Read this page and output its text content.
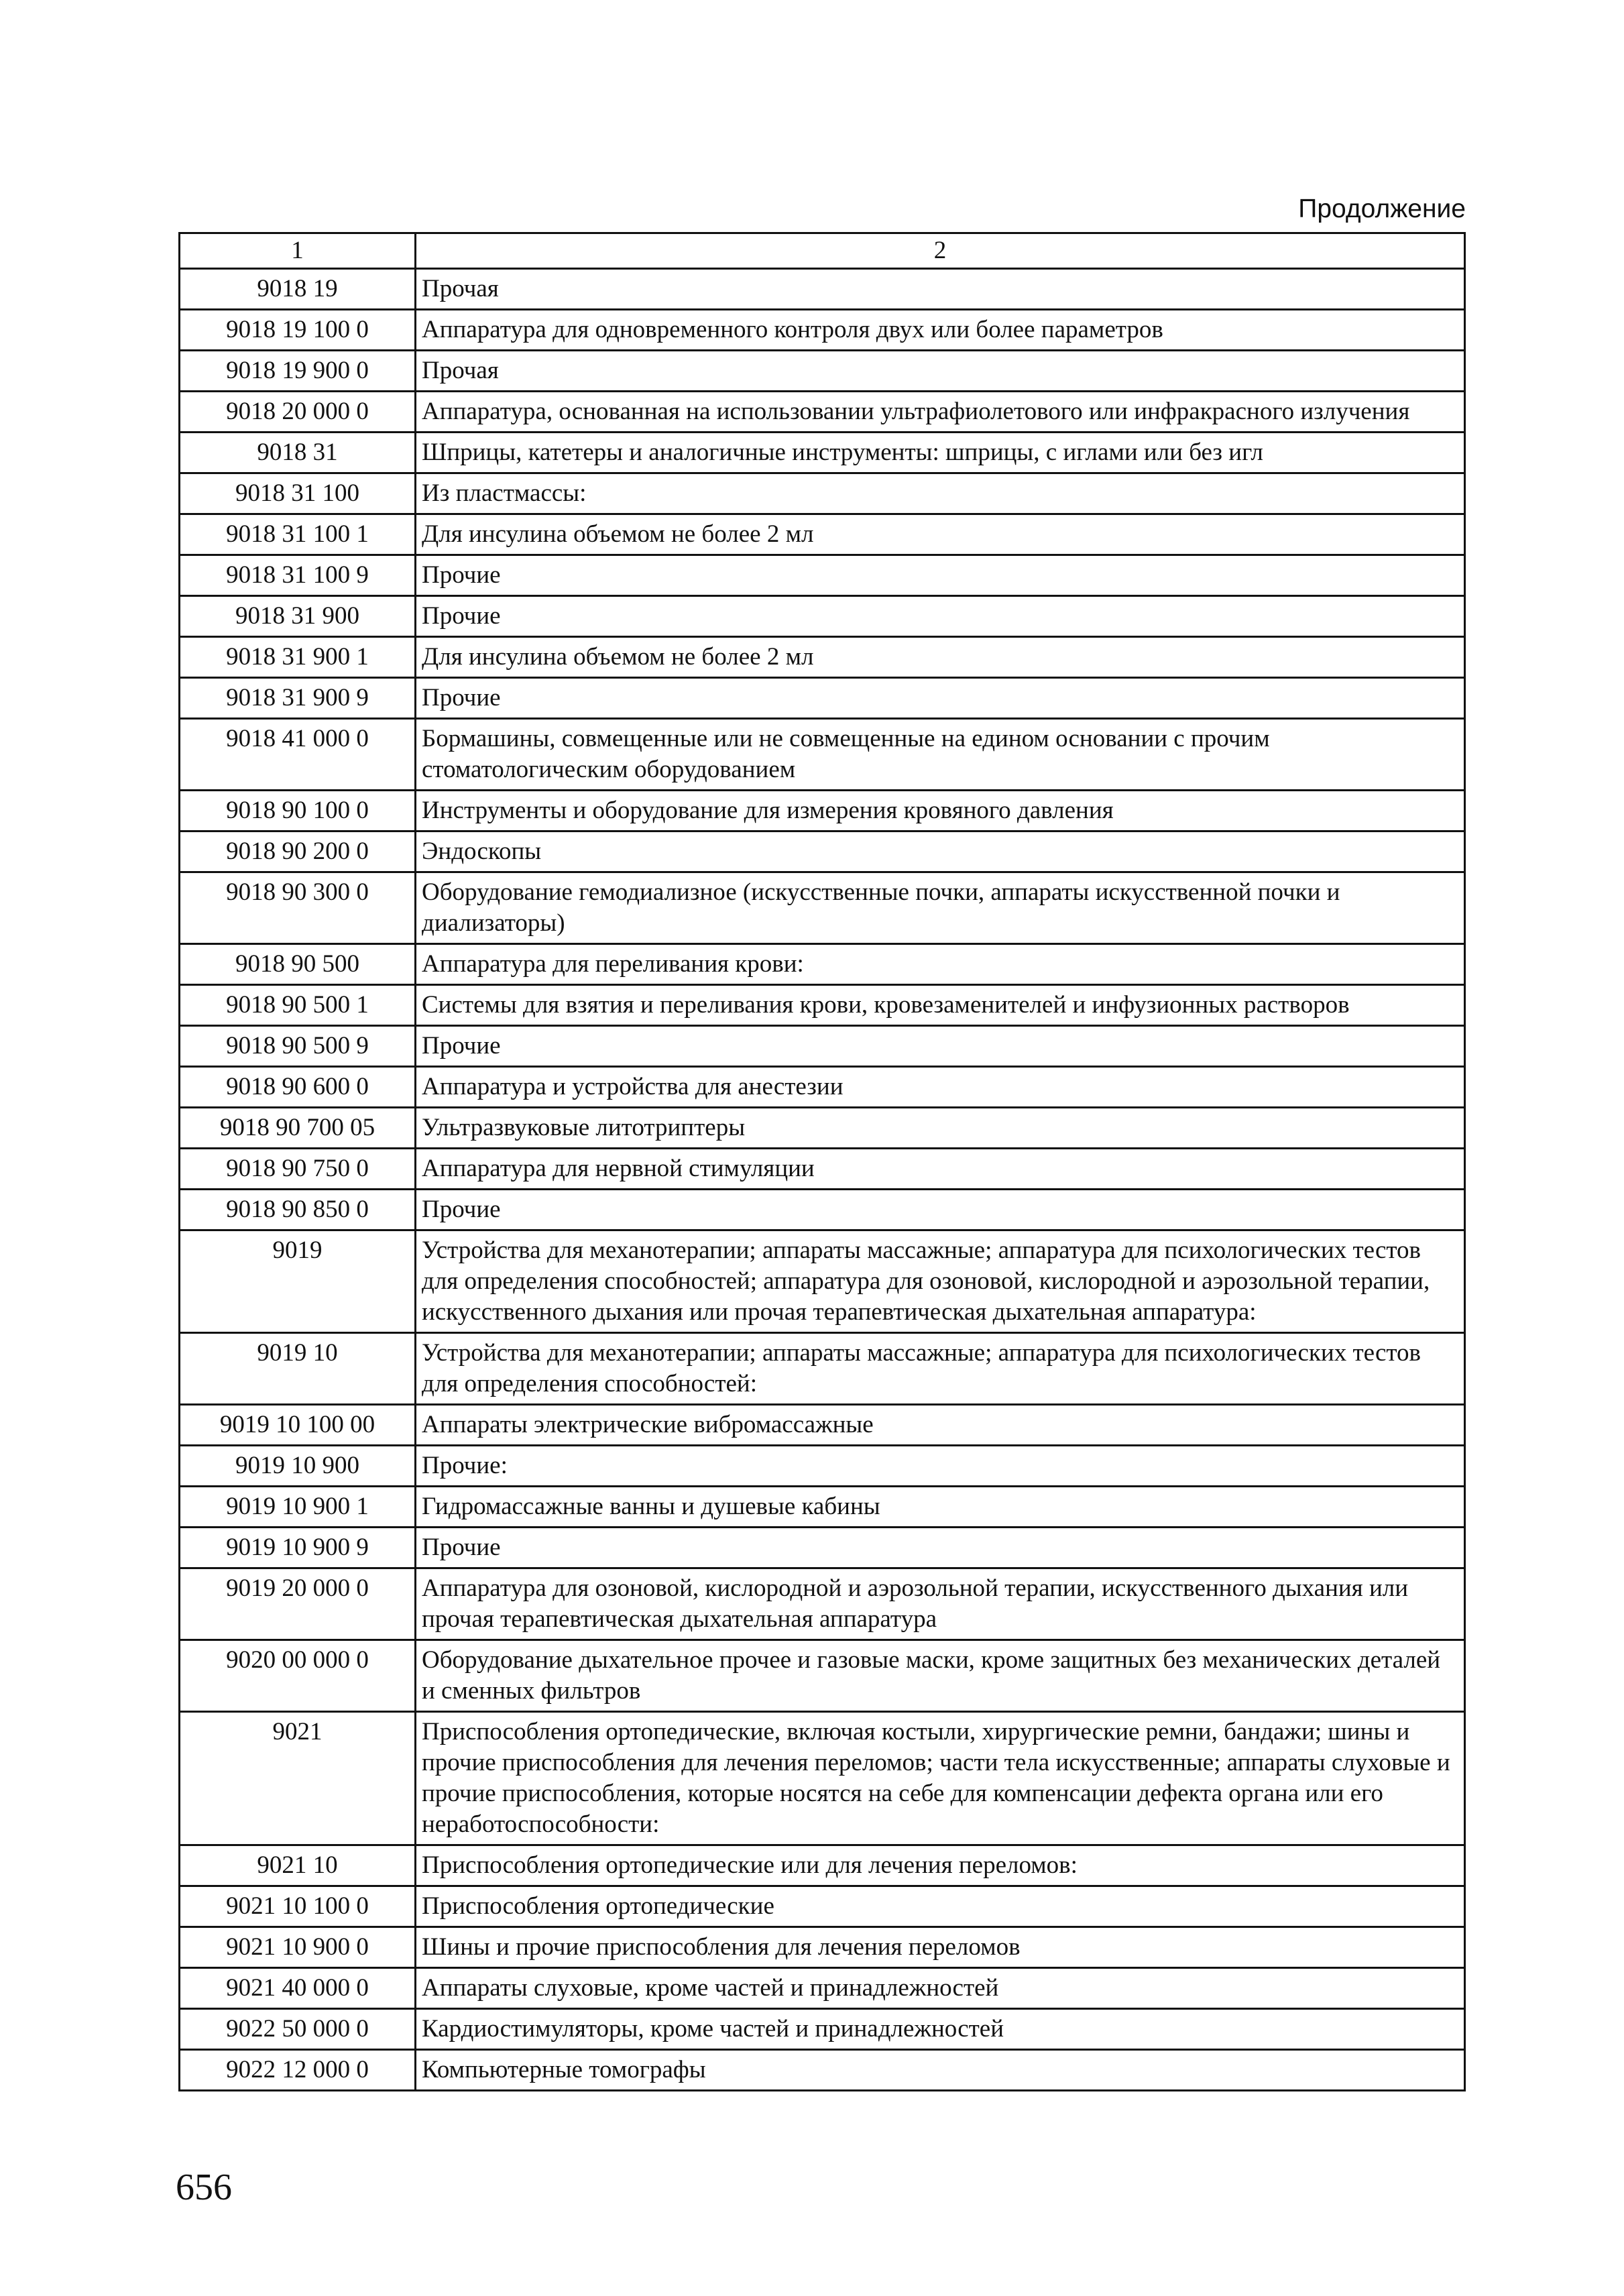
Продолжение
1	2
9018 19	Прочая
9018 19 100 0	Аппаратура для одновременного контроля двух или более параметров
9018 19 900 0	Прочая
9018 20 000 0	Аппаратура, основанная на использовании ультрафиолетового или инфракрасного излучения
9018 31	Шприцы, катетеры и аналогичные инструменты: шприцы, с иглами или без игл
9018 31 100	Из пластмассы:
9018 31 100 1	Для инсулина объемом не более 2 мл
9018 31 100 9	Прочие
9018 31 900	Прочие
9018 31 900 1	Для инсулина объемом не более 2 мл
9018 31 900 9	Прочие
9018 41 000 0	Бормашины, совмещенные или не совмещенные на едином основании с прочим стоматологическим оборудованием
9018 90 100 0	Инструменты и оборудование для измерения кровяного давления
9018 90 200 0	Эндоскопы
9018 90 300 0	Оборудование гемодиализное (искусственные почки, аппараты искусственной почки и диализаторы)
9018 90 500	Аппаратура для переливания крови:
9018 90 500 1	Системы для взятия и переливания крови, кровезаменителей и инфузионных растворов
9018 90 500 9	Прочие
9018 90 600 0	Аппаратура и устройства для анестезии
9018 90 700 05	Ультразвуковые литотриптеры
9018 90 750 0	Аппаратура для нервной стимуляции
9018 90 850 0	Прочие
9019	Устройства для механотерапии; аппараты массажные; аппаратура для психологических тестов для определения способностей; аппаратура для озоновой, кислородной и аэрозольной терапии, искусственного дыхания или прочая терапевтическая дыхательная аппаратура:
9019 10	Устройства для механотерапии; аппараты массажные; аппаратура для психологических тестов для определения способностей:
9019 10 100 00	Аппараты электрические вибромассажные
9019 10 900	Прочие:
9019 10 900 1	Гидромассажные ванны и душевые кабины
9019 10 900 9	Прочие
9019 20 000 0	Аппаратура для озоновой, кислородной и аэрозольной терапии, искусственного дыхания или прочая терапевтическая дыхательная аппаратура
9020 00 000 0	Оборудование дыхательное прочее и газовые маски, кроме защитных без механических деталей и сменных фильтров
9021	Приспособления ортопедические, включая костыли, хирургические ремни, бандажи; шины и прочие приспособления для лечения переломов; части тела искусственные; аппараты слуховые и прочие приспособления, которые носятся на себе для компенсации дефекта органа или его неработоспособности:
9021 10	Приспособления ортопедические или для лечения переломов:
9021 10 100 0	Приспособления ортопедические
9021 10 900 0	Шины и прочие приспособления для лечения переломов
9021 40 000 0	Аппараты слуховые, кроме частей и принадлежностей
9022 50 000 0	Кардиостимуляторы, кроме частей и принадлежностей
9022 12 000 0	Компьютерные томографы
656
